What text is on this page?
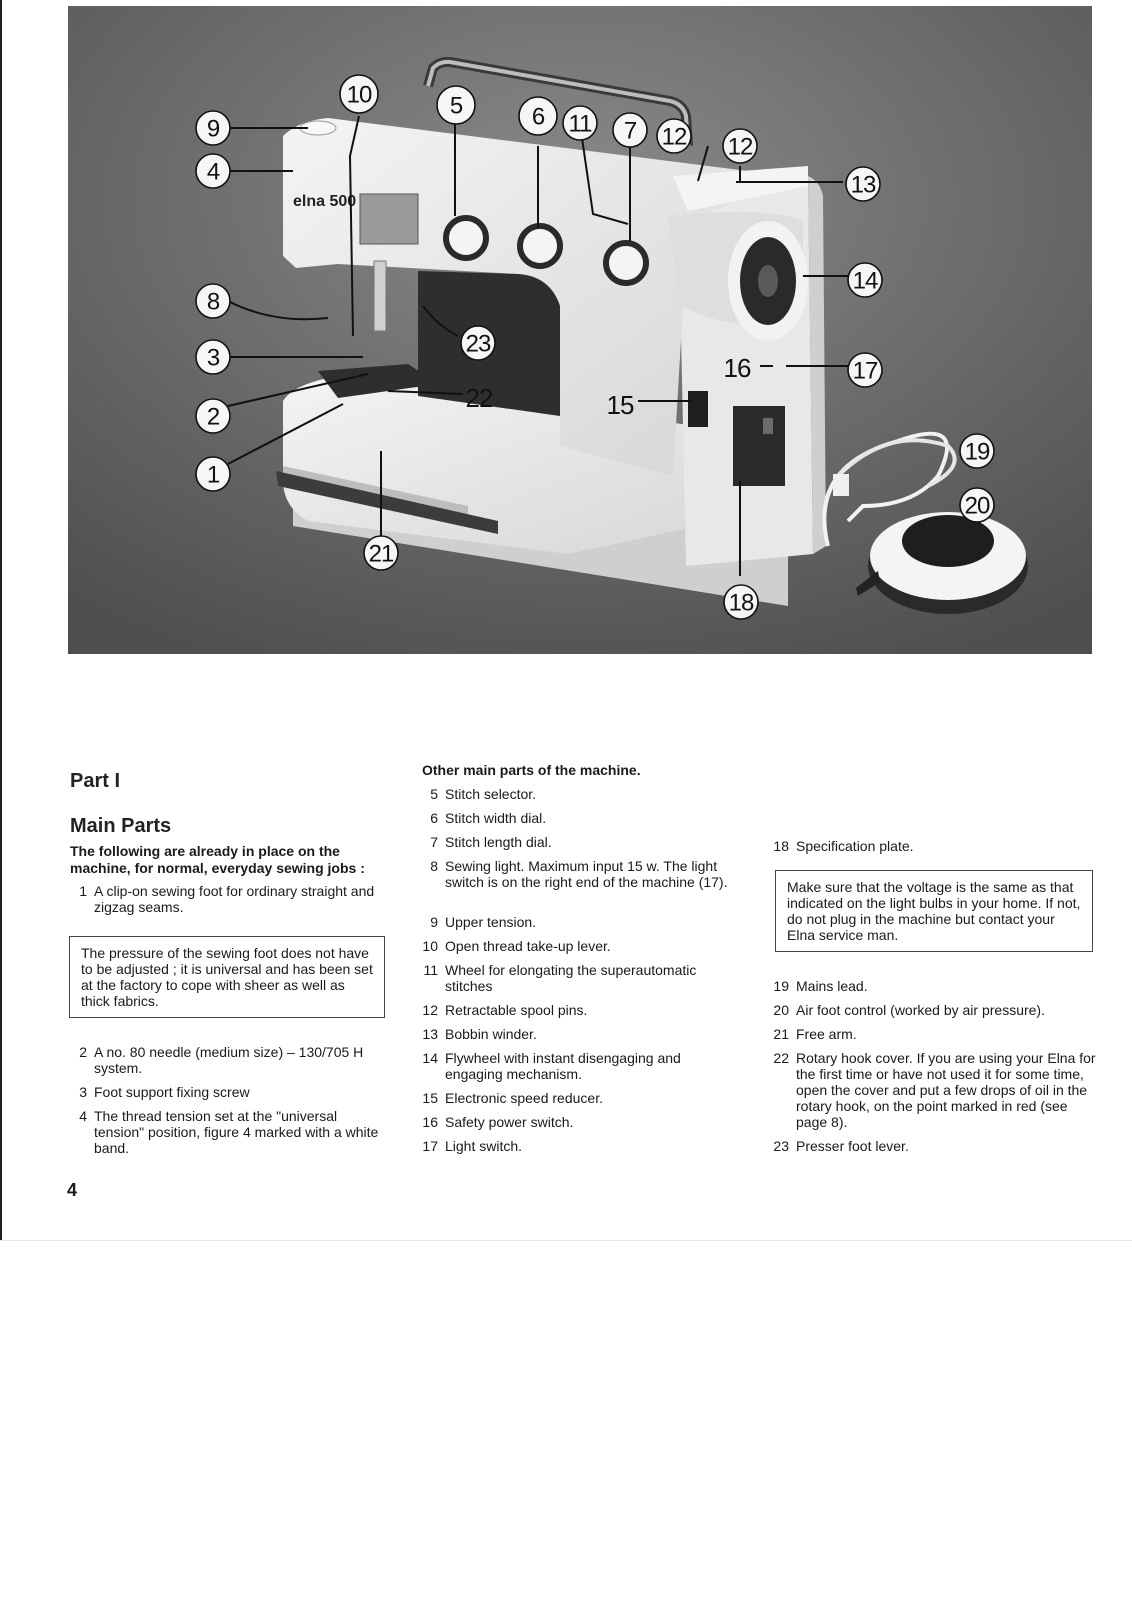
elna 500
10
9
4
5	6 11 7 12 12
13
14
8
23
3	16	17
22	15
2
19
1
20
21
18
Part I
Main Parts
The following are already in place on the machine, for normal, everyday sewing jobs :
1 A clip-on sewing foot for ordinary straight and zigzag seams.
The pressure of the sewing foot does not have to be adjusted ; it is universal and has been set at the factory to cope with sheer as well as thick fabrics.
2 A no. 80 needle (medium size) – 130/705 H system.
3 Foot support fixing screw
4 The thread tension set at the "universal tension" position, figure 4 marked with a white band.
4
Other main parts of the machine.
5 Stitch selector.
6 Stitch width dial.
7 Stitch length dial.
8 Sewing light. Maximum input 15 w. The light switch is on the right end of the machine (17).
9 Upper tension.
10 Open thread take-up lever.
11 Wheel for elongating the superautomatic stitches
12 Retractable spool pins.
13 Bobbin winder.
14 Flywheel with instant disengaging and engaging mechanism.
15 Electronic speed reducer.
16 Safety power switch.
17 Light switch.
18 Specification plate.
Make sure that the voltage is the same as that indicated on the light bulbs in your home. If not, do not plug in the machine but contact your Elna service man.
19 Mains lead.
20 Air foot control (worked by air pressure).
21 Free arm.
22 Rotary hook cover. If you are using your Elna for the first time or have not used it for some time, open the cover and put a few drops of oil in the rotary hook, on the point marked in red (see page 8).
23 Presser foot lever.
